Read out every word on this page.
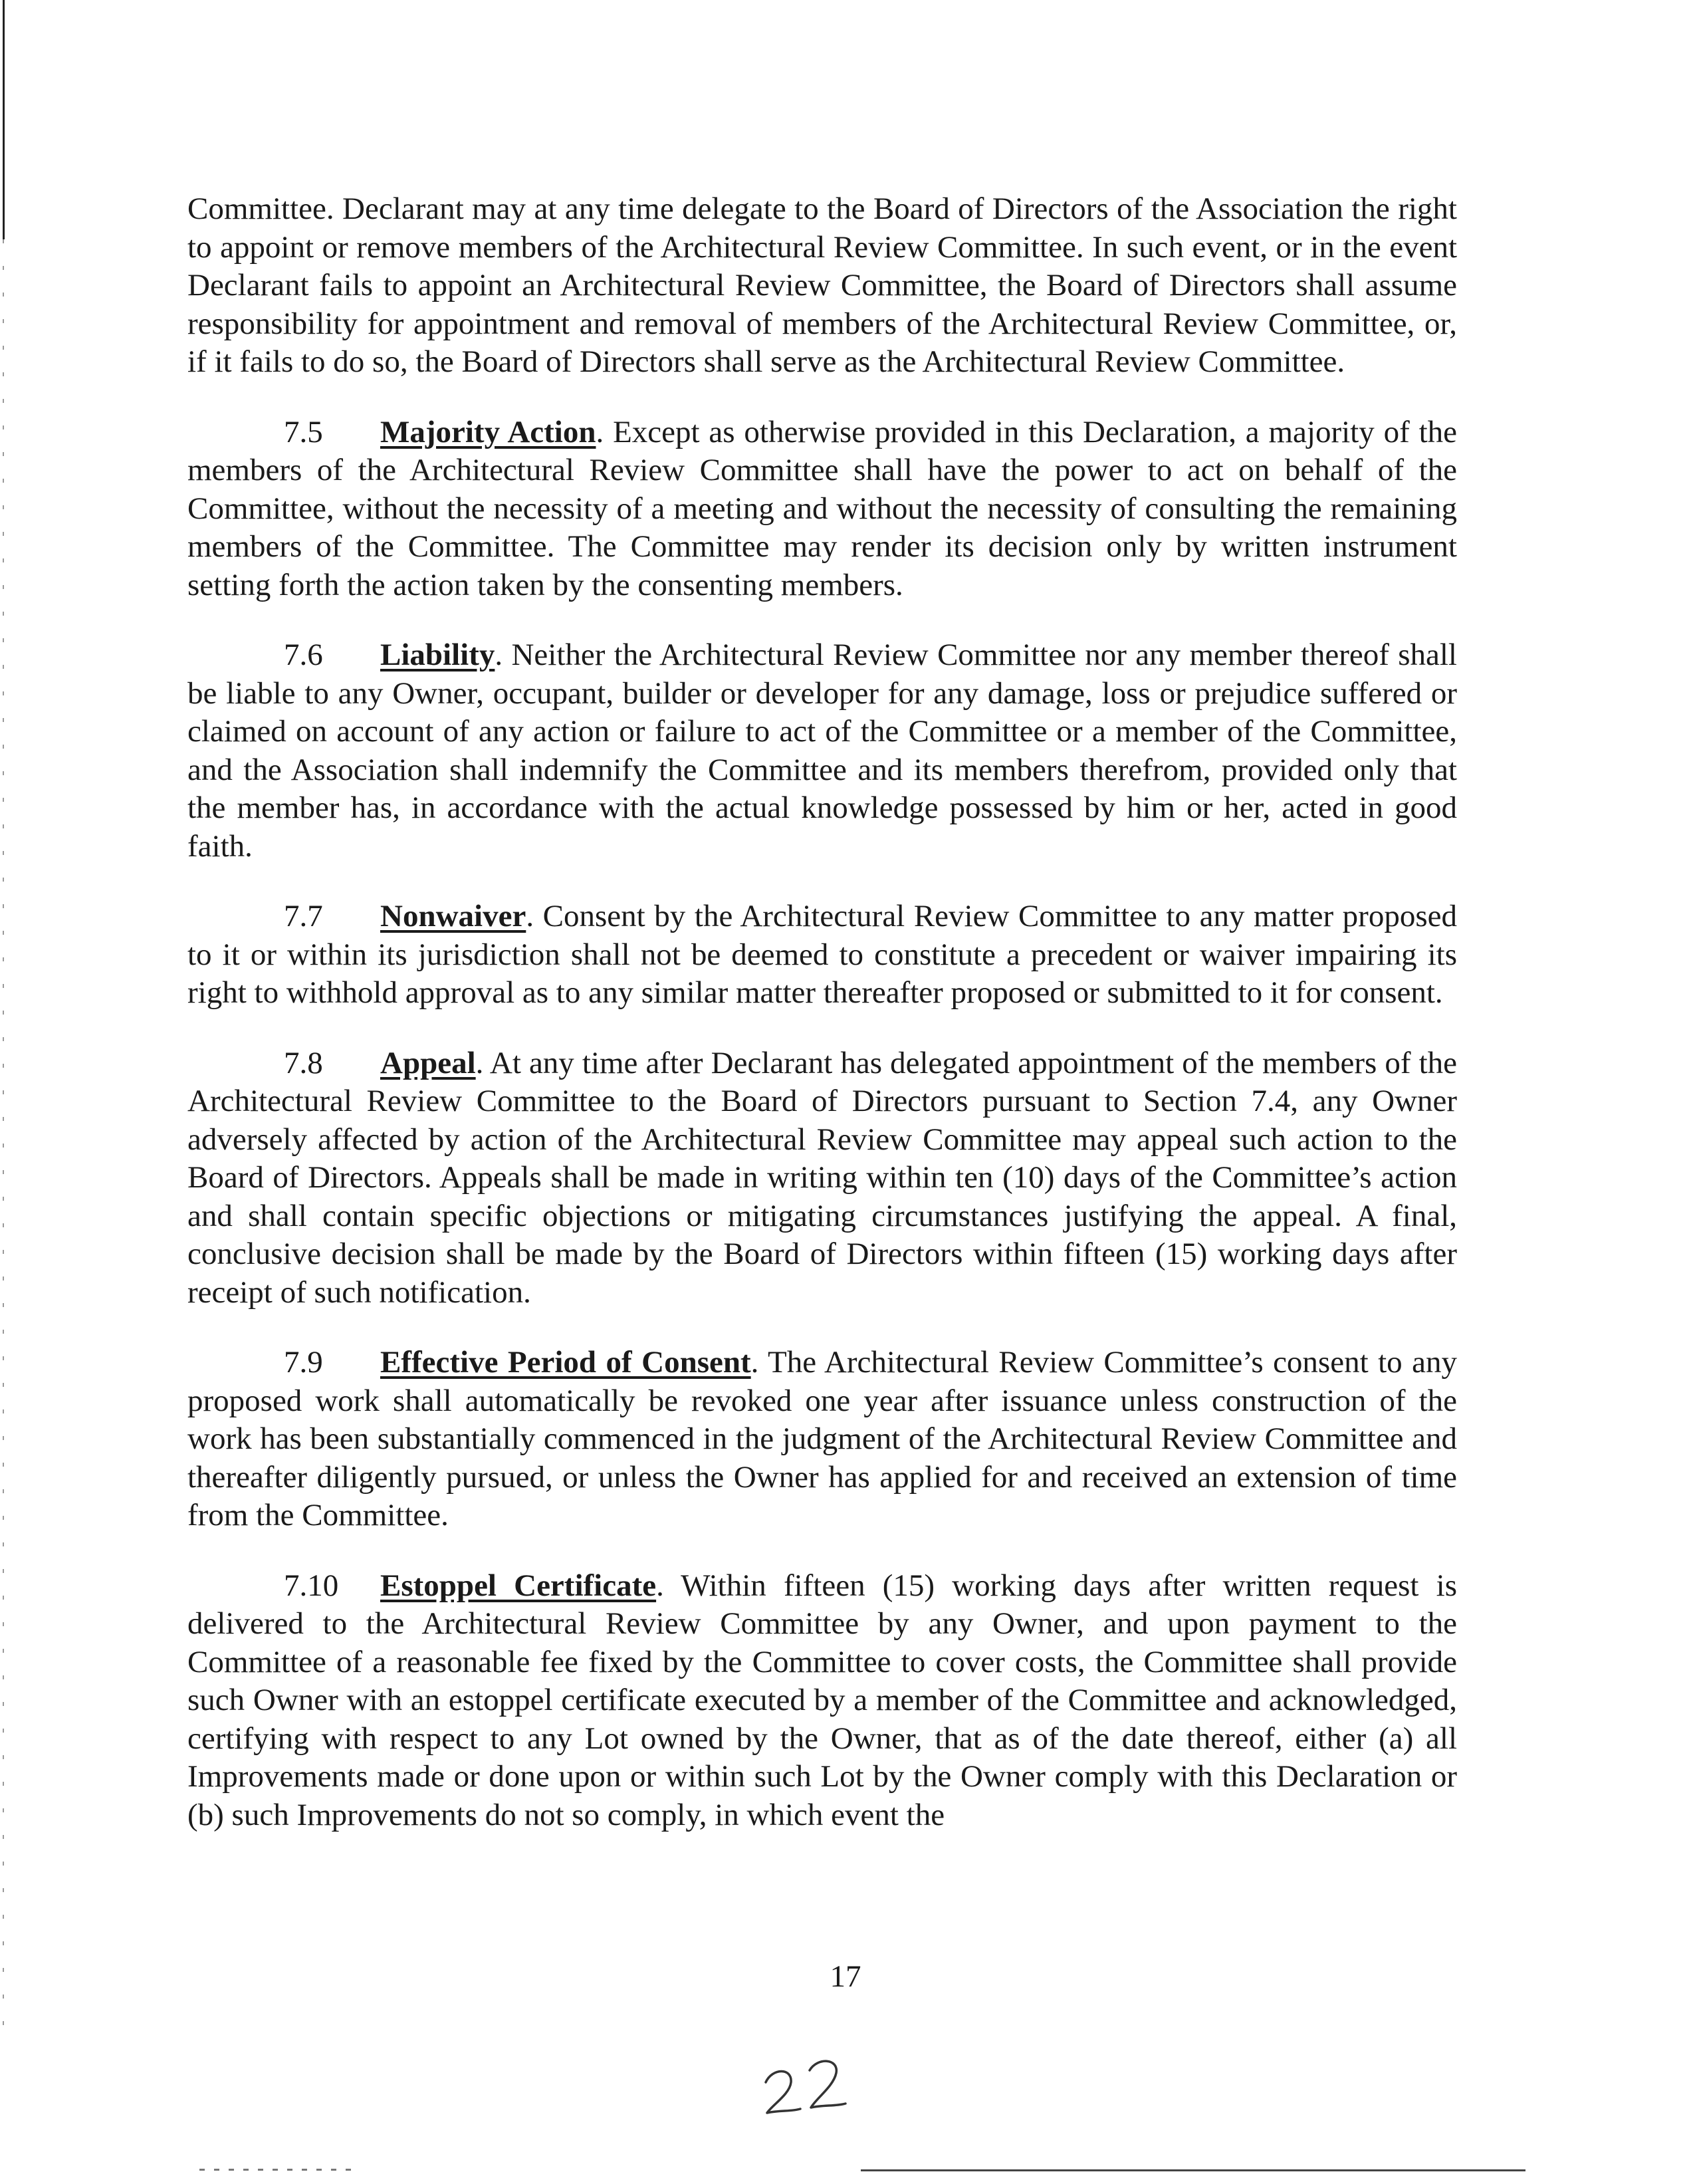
Committee. Declarant may at any time delegate to the Board of Directors of the Association the right to appoint or remove members of the Architectural Review Committee. In such event, or in the event Declarant fails to appoint an Architectural Review Committee, the Board of Directors shall assume responsibility for appointment and removal of members of the Architectural Review Committee, or, if it fails to do so, the Board of Directors shall serve as the Architectural Review Committee.

7.5 Majority Action. Except as otherwise provided in this Declaration, a majority of the members of the Architectural Review Committee shall have the power to act on behalf of the Committee, without the necessity of a meeting and without the necessity of consulting the remaining members of the Committee. The Committee may render its decision only by written instrument setting forth the action taken by the consenting members.

7.6 Liability. Neither the Architectural Review Committee nor any member thereof shall be liable to any Owner, occupant, builder or developer for any damage, loss or prejudice suffered or claimed on account of any action or failure to act of the Committee or a member of the Committee, and the Association shall indemnify the Committee and its members therefrom, provided only that the member has, in accordance with the actual knowledge possessed by him or her, acted in good faith.

7.7 Nonwaiver. Consent by the Architectural Review Committee to any matter proposed to it or within its jurisdiction shall not be deemed to constitute a precedent or waiver impairing its right to withhold approval as to any similar matter thereafter proposed or submitted to it for consent.

7.8 Appeal. At any time after Declarant has delegated appointment of the members of the Architectural Review Committee to the Board of Directors pursuant to Section 7.4, any Owner adversely affected by action of the Architectural Review Committee may appeal such action to the Board of Directors. Appeals shall be made in writing within ten (10) days of the Committee’s action and shall contain specific objections or mitigating circumstances justifying the appeal. A final, conclusive decision shall be made by the Board of Directors within fifteen (15) working days after receipt of such notification.

7.9 Effective Period of Consent. The Architectural Review Committee’s consent to any proposed work shall automatically be revoked one year after issuance unless construction of the work has been substantially commenced in the judgment of the Architectural Review Committee and thereafter diligently pursued, or unless the Owner has applied for and received an extension of time from the Committee.

7.10 Estoppel Certificate. Within fifteen (15) working days after written request is delivered to the Architectural Review Committee by any Owner, and upon payment to the Committee of a reasonable fee fixed by the Committee to cover costs, the Committee shall provide such Owner with an estoppel certificate executed by a member of the Committee and acknowledged, certifying with respect to any Lot owned by the Owner, that as of the date thereof, either (a) all Improvements made or done upon or within such Lot by the Owner comply with this Declaration or (b) such Improvements do not so comply, in which event the

17
